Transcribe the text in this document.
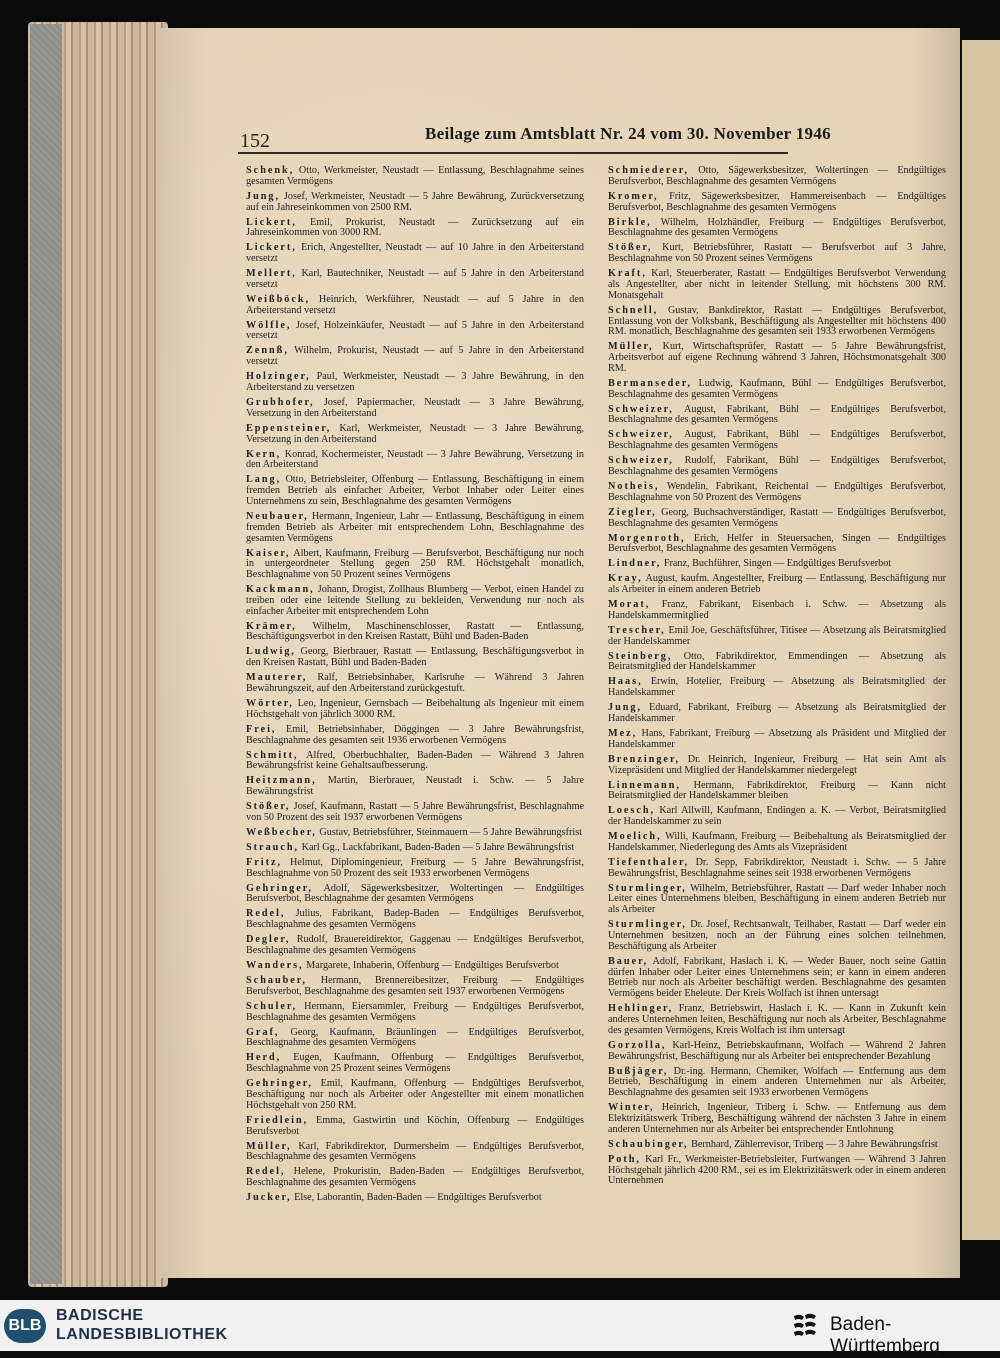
152	Beilage zum Amtsblatt Nr. 24 vom 30. November 1946

Schenk, Otto, Werkmeister, Neustadt — Entlassung, Beschlagnahme seines gesamten Vermögens

Jung, Josef, Werkmeister, Neustadt — 5 Jahre Bewährung, Zurückversetzung auf ein Jahreseinkommen von 2500 RM.

Lickert, Emil, Prokurist, Neustadt — Zurücksetzung auf ein Jahreseinkommen von 3000 RM.

Lickert, Erich, Angestellter, Neustadt — auf 10 Jahre in den Arbeiterstand versetzt

Mellert, Karl, Bautechniker, Neustadt — auf 5 Jahre in den Arbeiterstand versetzt

Weißböck, Heinrich, Werkführer, Neustadt — auf 5 Jahre in den Arbeiterstand versetzt

Wölfle, Josef, Holzeinkäufer, Neustadt — auf 5 Jahre in den Arbeiterstand versetzt

Zennß, Wilhelm, Prokurist, Neustadt — auf 5 Jahre in den Arbeiterstand versetzt

Holzinger, Paul, Werkmeister, Neustadt — 3 Jahre Bewährung, in den Arbeiterstand zu versetzen

Grubhofer, Josef, Papiermacher, Neustadt — 3 Jahre Bewährung, Versetzung in den Arbeiterstand

Eppensteiner, Karl, Werkmeister, Neustadt — 3 Jahre Bewährung, Versetzung in den Arbeiterstand

Kern, Konrad, Kochermeister, Neustadt — 3 Jahre Bewährung, Versetzung in den Arbeiterstand

Lang, Otto, Betriebsleiter, Offenburg — Entlassung, Beschäftigung in einem fremden Betrieb als einfacher Arbeiter, Verbot Inhaber oder Leiter eines Unternehmens zu sein, Beschlagnahme des gesamten Vermögens

Neubauer, Hermann, Ingenieur, Lahr — Entlassung, Beschäftigung in einem fremden Betrieb als Arbeiter mit entsprechendem Lohn, Beschlagnahme des gesamten Vermögens

Kaiser, Albert, Kaufmann, Freiburg — Berufsverbot, Beschäftigung nur noch in untergeordneter Stellung gegen 250 RM. Höchstgehalt monatlich, Beschlagnahme von 50 Prozent seines Vermögens

Kackmann, Johann, Drogist, Zollhaus Blumberg — Verbot, einen Handel zu treiben oder eine leitende Stellung zu bekleiden, Verwendung nur noch als einfacher Arbeiter mit entsprechendem Lohn

Krämer, Wilhelm, Maschinenschlosser, Rastatt — Entlassung, Beschäftigungsverbot in den Kreisen Rastatt, Bühl und Baden-Baden

Ludwig, Georg, Bierbrauer, Rastatt — Entlassung, Beschäftigungsverbot in den Kreisen Rastatt, Bühl und Baden-Baden

Mauterer, Ralf, Betriebsinhaber, Karlsruhe — Während 3 Jahren Bewährungszeit, auf den Arbeiterstand zurückgestuft.

Wörter, Leo, Ingenieur, Gernsbach — Beibehaltung als Ingenieur mit einem Höchstgehalt von jährlich 3000 RM.

Frei, Emil, Betriebsinhaber, Döggingen — 3 Jahre Bewährungsfrist, Beschlagnahme des gesamten seit 1936 erworbenen Vermögens

Schmitt, Alfred, Oberbuchhalter, Baden-Baden — Während 3 Jahren Bewährungsfrist keine Gehaltsaufbesserung.

Heitzmann, Martin, Bierbrauer, Neustadt i. Schw. — 5 Jahre Bewährungsfrist

Stößer, Josef, Kaufmann, Rastatt — 5 Jahre Bewährungsfrist, Beschlagnahme von 50 Prozent des seit 1937 erworbenen Vermögens

Weßbecher, Gustav, Betriebsführer, Steinmauern — 5 Jahre Bewährungsfrist

Strauch, Karl Gg., Lackfabrikant, Baden-Baden — 5 Jahre Bewährungsfrist

Fritz, Helmut, Diplomingenieur, Freiburg — 5 Jahre Bewährungsfrist, Beschlagnahme von 50 Prozent des seit 1933 erworbenen Vermögens

Gehringer, Adolf, Sägewerksbesitzer, Woltertingen — Endgültiges Berufsverbot, Beschlagnahme der gesamten Vermögens

Redel, Julius, Fabrikant, Badep-Baden — Endgültiges Berufsverbot, Beschlagnahme des gesamten Vermögens

Degler, Rudolf, Brauereidirektor, Gaggenau — Endgültiges Berufsverbot, Beschlagnahme des gesamten Vermögens

Wanders, Margarete, Inhaberin, Offenburg — Endgültiges Berufsverbot

Schauber, Hermann, Brennereibesitzer, Freiburg — Endgültiges Berufsverbot, Beschlagnahme des gesamten seit 1937 erworbenen Vermögens

Schuler, Hermann, Eiersammler, Freiburg — Endgültiges Berufsverbot, Beschlagnahme des gesamten Vermögens

Graf, Georg, Kaufmann, Bräunlingen — Endgültiges Berufsverbot, Beschlagnahme des gesamten Vermögens

Herd, Eugen, Kaufmann, Offenburg — Endgültiges Berufsverbot, Beschlagnahme von 25 Prozent seines Vermögens

Gehringer, Emil, Kaufmann, Offenburg — Endgültiges Berufsverbot, Beschäftigung nur noch als Arbeiter oder Angestellter mit einem monatlichen Höchstgehalt von 250 RM.

Friedlein, Emma, Gastwirtin und Köchin, Offenburg — Endgültiges Berufsverbot

Müller, Karl, Fabrikdirektor, Durmersheim — Endgültiges Berufsverbot, Beschlagnahme des gesamten Vermögens

Redel, Helene, Prokuristin, Baden-Baden — Endgültiges Berufsverbot, Beschlagnahme des gesamten Vermögens

Jucker, Else, Laborantin, Baden-Baden — Endgültiges Berufsverbot

Schmiederer, Otto, Sägewerksbesitzer, Woltertingen — Endgültiges Berufsverbot, Beschlagnahme des gesamten Vermögens

Kromer, Fritz, Sägewerksbesitzer, Hammereisenbach — Endgültiges Berufsverbot, Beschlagnahme des gesamten Vermögens

Birkle, Wilhelm, Holzhändler, Freiburg — Endgültiges Berufsverbot, Beschlagnahme des gesamten Vermögens

Stößer, Kurt, Betriebsführer, Rastatt — Berufsverbot auf 3 Jahre, Beschlagnahme von 50 Prozent seines Vermögens

Kraft, Karl, Steuerberater, Rastatt — Endgültiges Berufsverbot Verwendung als Angestellter, aber nicht in leitender Stellung, mit höchstens 300 RM. Monatsgehalt

Schnell, Gustav, Bankdirektor, Rastatt — Endgültiges Berufsverbot, Entlassung von der Volksbank, Beschäftigung als Angestellter mit höchstens 400 RM. monatlich, Beschlagnahme des gesamten seit 1933 erworbenen Vermögens

Müller, Kurt, Wirtschaftsprüfer, Rastatt — 5 Jahre Bewährungsfrist, Arbeitsverbot auf eigene Rechnung während 3 Jahren, Höchstmonatsgehalt 300 RM.

Bermanseder, Ludwig, Kaufmann, Bühl — Endgültiges Berufsverbot, Beschlagnahme des gesamten Vermögens

Schweizer, August, Fabrikant, Bühl — Endgültiges Berufsverbot, Beschlagnahme des gesamten Vermögens

Schweizer, August, Fabrikant, Bühl — Endgültiges Berufsverbot, Beschlagnahme des gesamten Vermögens

Schweizer, Rudolf, Fabrikant, Bühl — Endgültiges Berufsverbot, Beschlagnahme des gesamten Vermögens

Notheis, Wendelin, Fabrikant, Reichental — Endgültiges Berufsverbot, Beschlagnahme von 50 Prozent des Vermögens

Ziegler, Georg, Buchsachverständiger, Rastatt — Endgültiges Berufsverbot, Beschlagnahme des gesamten Vermögens

Morgenroth, Erich, Helfer in Steuersachen, Singen — Endgültiges Berufsverbot, Beschlagnahme des gesamten Vermögens

Lindner, Franz, Buchführer, Singen — Endgültiges Berufsverbot

Kray, August, kaufm. Angestellter, Freiburg — Entlassung, Beschäftigung nur als Arbeiter in einem anderen Betrieb

Morat, Franz, Fabrikant, Eisenbach i. Schw. — Absetzung als Handelskammermitglied

Trescher, Emil Joe, Geschäftsführer, Titisee — Absetzung als Beiratsmitglied der Handelskammer

Steinberg, Otto, Fabrikdirektor, Emmendingen — Absetzung als Beiratsmitglied der Handelskammer

Haas, Erwin, Hotelier, Freiburg — Absetzung als Beiratsmitglied der Handelskammer

Jung, Eduard, Fabrikant, Freiburg — Absetzung als Beiratsmitglied der Handelskammer

Mez, Hans, Fabrikant, Freiburg — Absetzung als Präsident und Mitglied der Handelskammer

Brenzinger, Dr. Heinrich, Ingenieur, Freiburg — Hat sein Amt als Vizepräsident und Mitglied der Handelskammer niedergelegt

Linnemann, Hermann, Fabrikdirektor, Freiburg — Kann nicht Beiratsmitglied der Handelskammer bleiben

Loesch, Karl Allwill, Kaufmann, Endingen a. K. — Verbot, Beiratsmitglied der Handelskammer zu sein

Moelich, Willi, Kaufmann, Freiburg — Beibehaltung als Beiratsmitglied der Handelskammer, Niederlegung des Amts als Vizepräsident

Tiefenthaler, Dr. Sepp, Fabrikdirektor, Neustadt i. Schw. — 5 Jahre Bewährungsfrist, Beschlagnahme seines seit 1938 erworbenen Vermögens

Sturmlinger, Wilhelm, Betriebsführer, Rastatt — Darf weder Inhaber noch Leiter eines Unternehmens bleiben, Beschäftigung in einem anderen Betrieb nur als Arbeiter

Sturmlinger, Dr. Josef, Rechtsanwalt, Teilhaber, Rastatt — Darf weder ein Unternehmen besitzen, noch an der Führung eines solchen teilnehmen, Beschäftigung als Arbeiter

Bauer, Adolf, Fabrikant, Haslach i. K. — Weder Bauer, noch seine Gattin dürfen Inhaber oder Leiter eines Unternehmens sein; er kann in einem anderen Betrieb nur noch als Arbeiter beschäftigt werden. Beschlagnahme des gesamten Vermögens beider Eheleute. Der Kreis Wolfach ist ihnen untersagt

Hehlinger, Franz, Betriebswirt, Haslach i. K. — Kann in Zukunft kein anderes Unternehmen leiten, Beschäftigung nur noch als Arbeiter, Beschlagnahme des gesamten Vermögens, Kreis Wolfach ist ihm untersagt

Gorzolla, Karl-Heinz, Betriebskaufmann, Wolfach — Während 2 Jahren Bewährungsfrist, Beschäftigung nur als Arbeiter bei entsprechender Bezahlung

Bußjäger, Dr.-ing. Hermann, Chemiker, Wolfach — Entfernung aus dem Betrieb, Beschäftigung in einem anderen Unternehmen nur als Arbeiter, Beschlagnahme des gesamten seit 1933 erworbenen Vermögens

Winter, Heinrich, Ingenieur, Triberg i. Schw. — Entfernung aus dem Elektrizitätswerk Triberg, Beschäftigung während der nächsten 3 Jahre in einem anderen Unternehmen nur als Arbeiter bei entsprechender Entlohnung

Schaubinger, Bernhard, Zählerrevisor, Triberg — 3 Jahre Bewährungsfrist

Poth, Karl Fr., Werkmeister-Betriebsleiter, Furtwangen — Während 3 Jahren Höchstgehalt jährlich 4200 RM., sei es im Elektrizitätswerk oder in einem anderen Unternehmen

BLB
BADISCHE
LANDESBIBLIOTHEK	Baden-Württemberg
